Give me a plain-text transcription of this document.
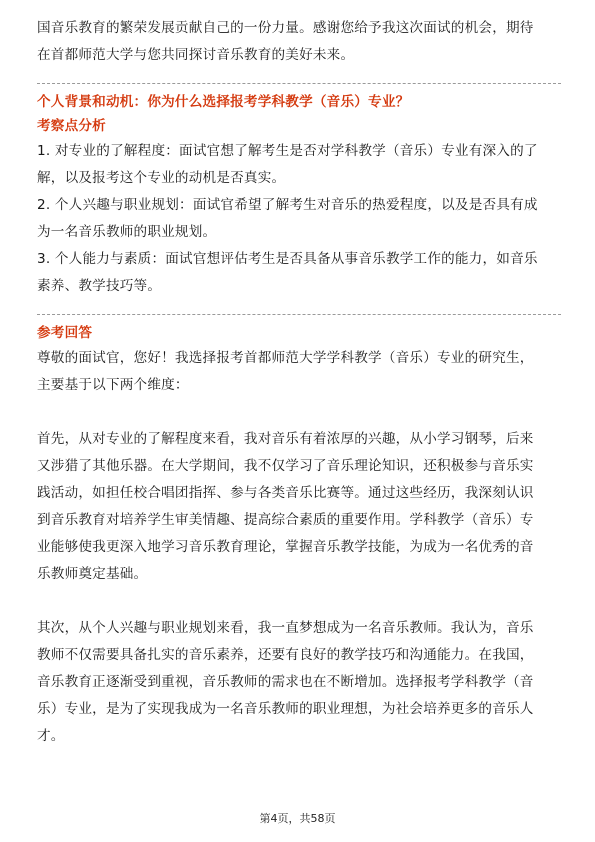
国音乐教育的繁荣发展贡献自己的一份力量。感谢您给予我这次面试的机会，期待

在首都师范大学与您共同探讨音乐教育的美好未来。

个人背景和动机：你为什么选择报考学科教学（音乐）专业？
考察点分析

1. 对专业的了解程度：面试官想了解考生是否对学科教学（音乐）专业有深入的了

解，以及报考这个专业的动机是否真实。

2. 个人兴趣与职业规划：面试官希望了解考生对音乐的热爱程度，以及是否具有成

为一名音乐教师的职业规划。

3. 个人能力与素质：面试官想评估考生是否具备从事音乐教学工作的能力，如音乐

素养、教学技巧等。

参考回答

尊敬的面试官，您好！我选择报考首都师范大学学科教学（音乐）专业的研究生，

主要基于以下两个维度：

首先，从对专业的了解程度来看，我对音乐有着浓厚的兴趣，从小学习钢琴，后来

又涉猎了其他乐器。在大学期间，我不仅学习了音乐理论知识，还积极参与音乐实

践活动，如担任校合唱团指挥、参与各类音乐比赛等。通过这些经历，我深刻认识

到音乐教育对培养学生审美情趣、提高综合素质的重要作用。学科教学（音乐）专

业能够使我更深入地学习音乐教育理论，掌握音乐教学技能，为成为一名优秀的音

乐教师奠定基础。

其次，从个人兴趣与职业规划来看，我一直梦想成为一名音乐教师。我认为，音乐

教师不仅需要具备扎实的音乐素养，还要有良好的教学技巧和沟通能力。在我国，

音乐教育正逐渐受到重视，音乐教师的需求也在不断增加。选择报考学科教学（音

乐）专业，是为了实现我成为一名音乐教师的职业理想，为社会培养更多的音乐人

才。

第4页，共58页
